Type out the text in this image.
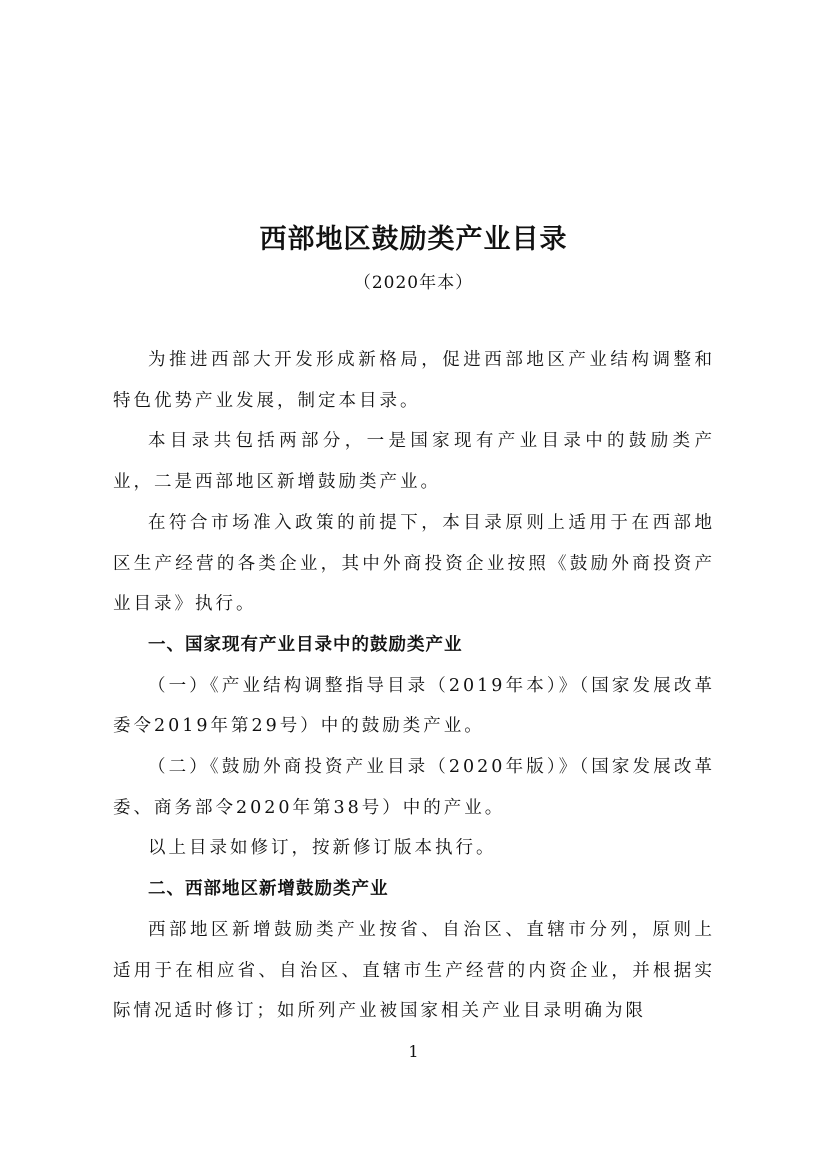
西部地区鼓励类产业目录
（2020年本）

为推进西部大开发形成新格局，促进西部地区产业结构调整和特色优势产业发展，制定本目录。

本目录共包括两部分，一是国家现有产业目录中的鼓励类产业，二是西部地区新增鼓励类产业。

在符合市场准入政策的前提下，本目录原则上适用于在西部地区生产经营的各类企业，其中外商投资企业按照《鼓励外商投资产业目录》执行。

一、国家现有产业目录中的鼓励类产业

（一）《产业结构调整指导目录（2019年本）》（国家发展改革委令2019年第29号）中的鼓励类产业。

（二）《鼓励外商投资产业目录（2020年版）》（国家发展改革委、商务部令2020年第38号）中的产业。

以上目录如修订，按新修订版本执行。

二、西部地区新增鼓励类产业

西部地区新增鼓励类产业按省、自治区、直辖市分列，原则上适用于在相应省、自治区、直辖市生产经营的内资企业，并根据实际情况适时修订；如所列产业被国家相关产业目录明确为限

1
